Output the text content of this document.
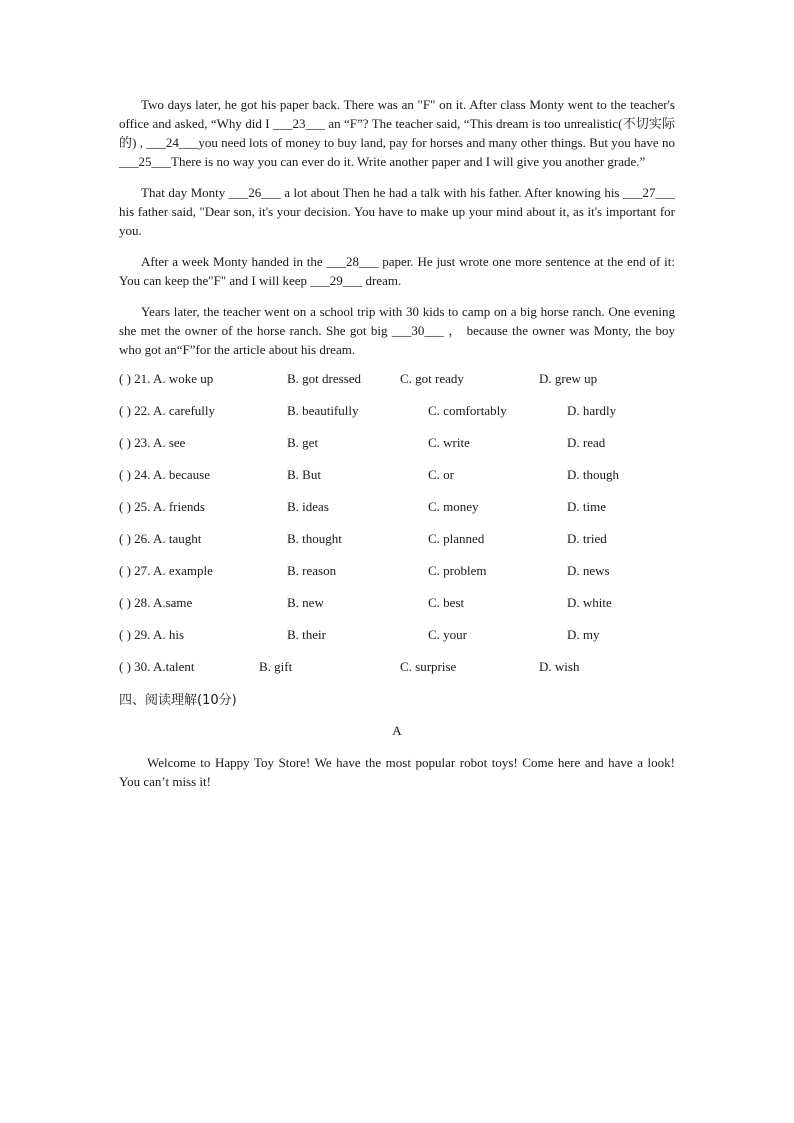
Two days later, he got his paper back. There was an "F" on it. After class Monty went to the teacher's office and asked, “Why did I ___23___ an “F”? The teacher said, “This dream is too unrealistic(不切实际的) , ___24___you need lots of money to buy land, pay for horses and many other things. But you have no ___25___There is no way you can ever do it. Write another paper and I will give you another grade.”

That day Monty ___26___ a lot about Then he had a talk with his father. After knowing his ___27___ his father said, "Dear son, it's your decision. You have to make up your mind about it, as it's important for you.

After a week Monty handed in the ___28___ paper. He just wrote one more sentence at the end of it: You can keep the"F" and I will keep ___29___ dream.

Years later, the teacher went on a school trip with 30 kids to camp on a big horse ranch. One evening she met the owner of the horse ranch. She got big ___30___ ， because the owner was Monty, the boy who got an“F”for the article about his dream.

( ) 21. A. woke up	B. got dressed	C. got ready	D. grew up
( ) 22. A. carefully	B. beautifully	C. comfortably	D. hardly
( ) 23. A. see	B. get	C. write	D. read
( ) 24. A. because	B. But	C. or	D. though
( ) 25. A. friends	B. ideas	C. money	D. time
( ) 26. A. taught	B. thought	C. planned	D. tried
( ) 27. A. example	B. reason	C. problem	D. news
( ) 28. A.same	B. new	C. best	D. white
( ) 29. A. his	B. their	C. your	D. my
( ) 30. A.talent	B. gift	C. surprise	D. wish
四、阅读理解(10分)
A

Welcome to Happy Toy Store! We have the most popular robot toys! Come here and have a look! You can’t miss it!
